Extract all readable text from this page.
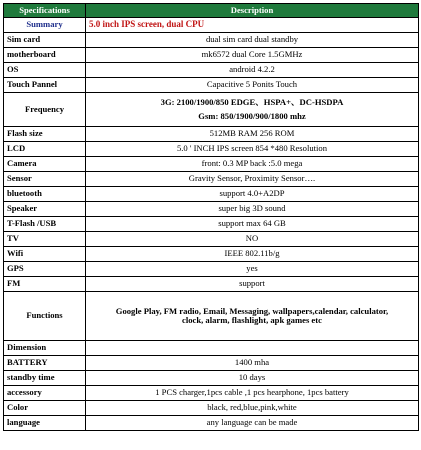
Specifications	Description
Summary	5.0 inch IPS screen, dual CPU
Sim card	dual sim card dual standby
motherboard	mk6572 dual Core 1.5GMHz
OS	android 4.2.2
Touch Pannel	Capacitive 5 Ponits Touch
Frequency	3G: 2100/1900/850 EDGE、HSPA+、DC-HSDPA
Gsm: 850/1900/900/1800 mhz

Flash size	512MB RAM 256 ROM
LCD	5.0 ' INCH IPS screen 854 *480 Resolution
Camera	front: 0.3 MP back :5.0 mega
Sensor	Gravity Sensor, Proximity Sensor….
bluetooth	support 4.0+A2DP
Speaker	super big 3D sound
T-Flash /USB	support max 64 GB
TV	NO
Wifi	IEEE 802.11b/g
GPS	yes
FM	support
Functions	Google Play, FM radio, Email, Messaging, wallpapers,calendar, calculator,
clock, alarm, flashlight, apk games etc

Dimension	
BATTERY	1400 mha
standby time	10 days
accessory	1 PCS charger,1pcs cable ,1 pcs hearphone, 1pcs battery
Color	black, red,blue,pink,white
language	any language can be made
